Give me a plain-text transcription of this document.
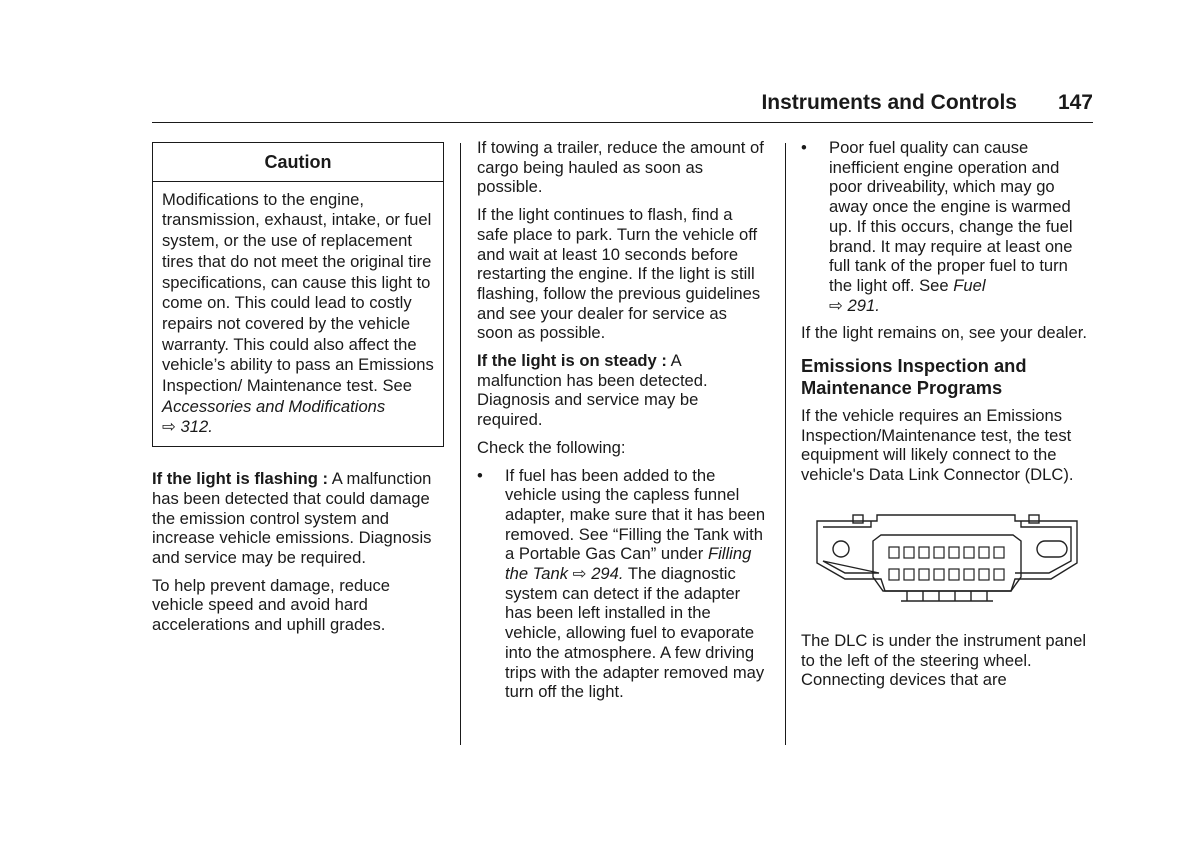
Instruments and Controls 147
Caution
Modifications to the engine, transmission, exhaust, intake, or fuel system, or the use of replacement tires that do not meet the original tire specifications, can cause this light to come on. This could lead to costly repairs not covered by the vehicle warranty. This could also affect the vehicle’s ability to pass an Emissions Inspection/ Maintenance test. See Accessories and Modifications
⇨ 312.

If the light is flashing : A malfunction has been detected that could damage the emission control system and increase vehicle emissions. Diagnosis and service may be required.

To help prevent damage, reduce vehicle speed and avoid hard accelerations and uphill grades.

If towing a trailer, reduce the amount of cargo being hauled as soon as possible.

If the light continues to flash, find a safe place to park. Turn the vehicle off and wait at least 10 seconds before restarting the engine. If the light is still flashing, follow the previous guidelines and see your dealer for service as soon as possible.

If the light is on steady : A malfunction has been detected. Diagnosis and service may be required.

Check the following:

• If fuel has been added to the vehicle using the capless funnel adapter, make sure that it has been removed. See “Filling the Tank with a Portable Gas Can” under Filling the Tank ⇨ 294. The diagnostic system can detect if the adapter has been left installed in the vehicle, allowing fuel to evaporate into the atmosphere. A few driving trips with the adapter removed may turn off the light.
• Poor fuel quality can cause inefficient engine operation and poor driveability, which may go away once the engine is warmed up. If this occurs, change the fuel brand. It may require at least one full tank of the proper fuel to turn the light off. See Fuel
⇨ 291.

If the light remains on, see your dealer.

Emissions Inspection and Maintenance Programs

If the vehicle requires an Emissions Inspection/Maintenance test, the test equipment will likely connect to the vehicle's Data Link Connector (DLC).

The DLC is under the instrument panel to the left of the steering wheel. Connecting devices that are
